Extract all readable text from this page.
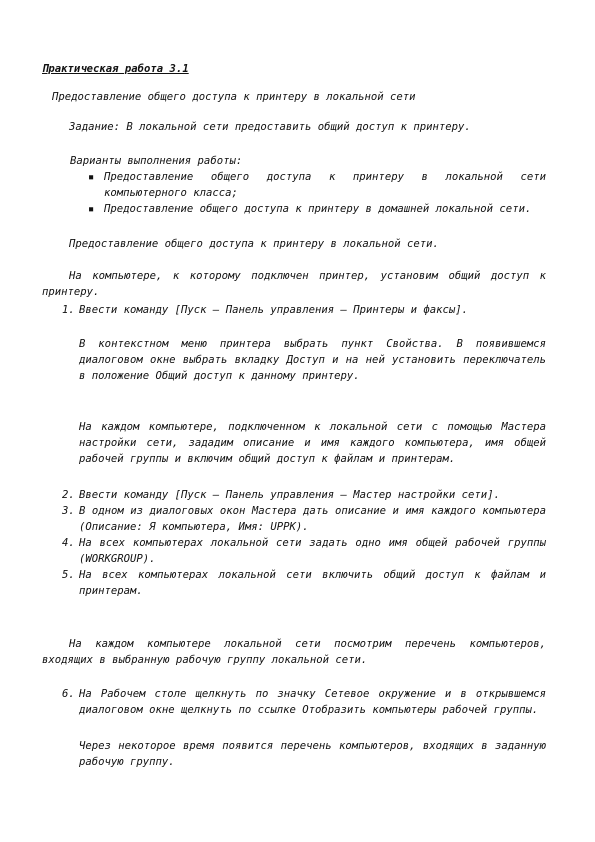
Практическая работа 3.1

Предоставление общего доступа к принтеру в локальной сети

Задание: В локальной сети предоставить общий доступ к принтеру.

Варианты выполнения работы:

▪ Предоставление общего доступа к принтеру в локальной сети компьютерного класса;
▪ Предоставление общего доступа к принтеру в домашней локальной сети.

Предоставление общего доступа к принтеру в локальной сети.

На компьютере, к которому подключен принтер, установим общий доступ к принтеру.

1. Ввести команду [Пуск – Панель управления – Принтеры и факсы].

В контекстном меню принтера выбрать пункт Свойства. В появившемся диалоговом окне выбрать вкладку Доступ и на ней установить переключатель в положение Общий доступ к данному принтеру.

На каждом компьютере, подключенном к локальной сети с помощью Мастера настройки сети, зададим описание и имя каждого компьютера, имя общей рабочей группы и включим общий доступ к файлам и принтерам.

2. Ввести команду [Пуск – Панель управления – Мастер настройки сети].
3. В одном из диалоговых окон Мастера дать описание и имя каждого компьютера (Описание: Я компьютера, Имя: UPPK).
4. На всех компьютерах локальной сети задать одно имя общей рабочей группы (WORKGROUP).
5. На всех компьютерах локальной сети включить общий доступ к файлам и принтерам.

На каждом компьютере локальной сети посмотрим перечень компьютеров, входящих в выбранную рабочую группу локальной сети.

6. На Рабочем столе щелкнуть по значку Сетевое окружение и в открывшемся диалоговом окне щелкнуть по ссылке Отобразить компьютеры рабочей группы.

Через некоторое время появится перечень компьютеров, входящих в заданную рабочую группу.
